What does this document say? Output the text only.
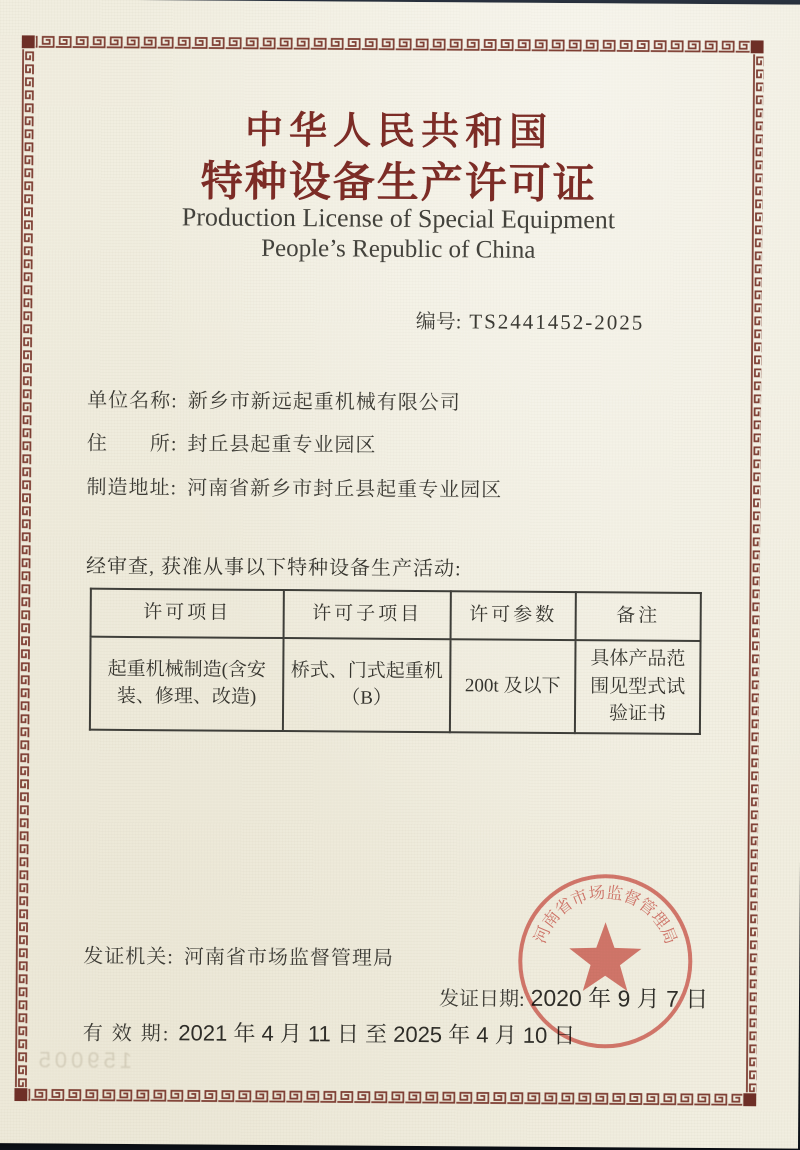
中华人民共和国
特种设备生产许可证
Production License of Special Equipment
People’s Republic of China
编号: TS2441452-2025
单位名称: 新乡市新远起重机械有限公司
住　　所: 封丘县起重专业园区
制造地址: 河南省新乡市封丘县起重专业园区
经审查, 获准从事以下特种设备生产活动:
许可项目	许可子项目	许可参数	备注
起重机械制造(含安装、修理、改造)	桥式、门式起重机（B）	200t 及以下	具体产品范围见型式试验证书
发证机关: 河南省市场监督管理局
发证日期: 2020 年 9 月 7 日
有 效 期: 2021 年 4 月 11 日 至 2025 年 4 月 10 日
159005
河南省市场监督管理局
